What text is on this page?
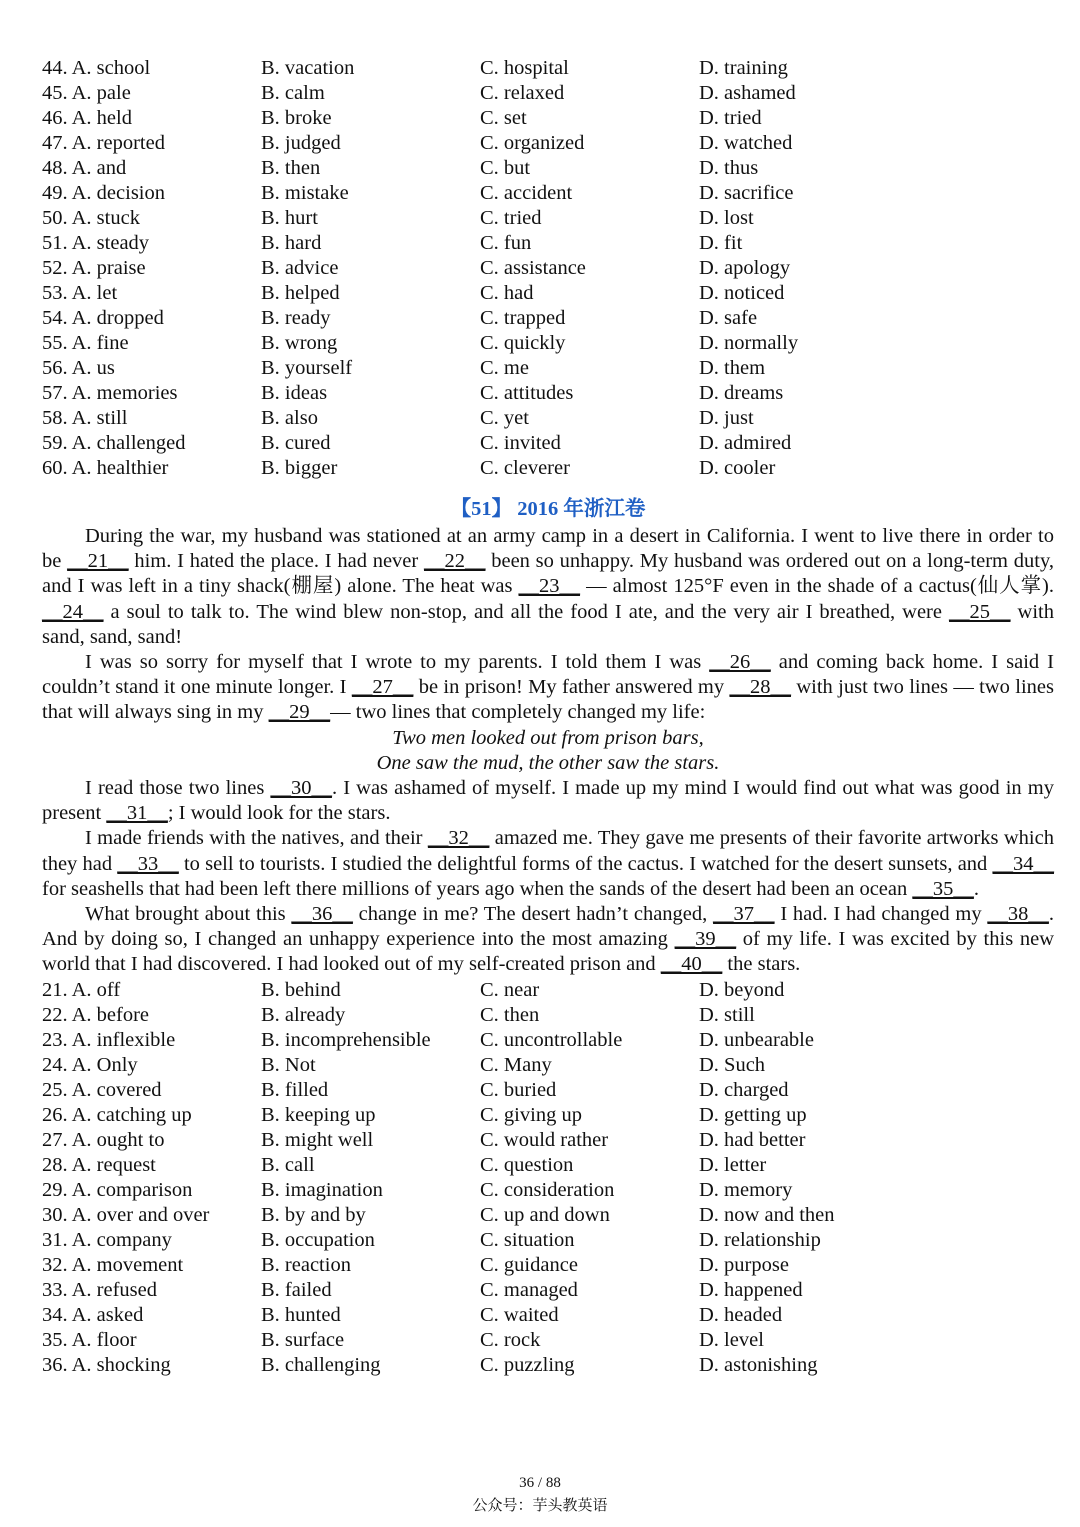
44. A. school	B. vacation	C. hospital	D. training
45. A. pale	B. calm	C. relaxed	D. ashamed
46. A. held	B. broke	C. set	D. tried
47. A. reported	B. judged	C. organized	D. watched
48. A. and	B. then	C. but	D. thus
49. A. decision	B. mistake	C. accident	D. sacrifice
50. A. stuck	B. hurt	C. tried	D. lost
51. A. steady	B. hard	C. fun	D. fit
52. A. praise	B. advice	C. assistance	D. apology
53. A. let	B. helped	C. had	D. noticed
54. A. dropped	B. ready	C. trapped	D. safe
55. A. fine	B. wrong	C. quickly	D. normally
56. A. us	B. yourself	C. me	D. them
57. A. memories	B. ideas	C. attitudes	D. dreams
58. A. still	B. also	C. yet	D. just
59. A. challenged	B. cured	C. invited	D. admired
60. A. healthier	B. bigger	C. cleverer	D. cooler
【51】 2016 年浙江卷

During the war, my husband was stationed at an army camp in a desert in California. I went to live there in order to be __21__ him. I hated the place. I had never __22__ been so unhappy. My husband was ordered out on a long-term duty, and I was left in a tiny shack(棚屋) alone. The heat was __23__ — almost 125°F even in the shade of a cactus(仙人掌). __24__ a soul to talk to. The wind blew non-stop, and all the food I ate, and the very air I breathed, were __25__ with sand, sand, sand!

I was so sorry for myself that I wrote to my parents. I told them I was __26__ and coming back home. I said I couldn’t stand it one minute longer. I __27__ be in prison! My father answered my __28__ with just two lines — two lines that will always sing in my __29__— two lines that completely changed my life:

Two men looked out from prison bars,

One saw the mud, the other saw the stars.

I read those two lines __30__. I was ashamed of myself. I made up my mind I would find out what was good in my present __31__; I would look for the stars.

I made friends with the natives, and their __32__ amazed me. They gave me presents of their favorite artworks which they had __33__ to sell to tourists. I studied the delightful forms of the cactus. I watched for the desert sunsets, and __34__ for seashells that had been left there millions of years ago when the sands of the desert had been an ocean __35__.

What brought about this __36__ change in me? The desert hadn’t changed, __37__ I had. I had changed my __38__. And by doing so, I changed an unhappy experience into the most amazing __39__ of my life. I was excited by this new world that I had discovered. I had looked out of my self-created prison and __40__ the stars.

21. A. off	B. behind	C. near	D. beyond
22. A. before	B. already	C. then	D. still
23. A. inflexible	B. incomprehensible	C. uncontrollable	D. unbearable
24. A. Only	B. Not	C. Many	D. Such
25. A. covered	B. filled	C. buried	D. charged
26. A. catching up	B. keeping up	C. giving up	D. getting up
27. A. ought to	B. might well	C. would rather	D. had better
28. A. request	B. call	C. question	D. letter
29. A. comparison	B. imagination	C. consideration	D. memory
30. A. over and over	B. by and by	C. up and down	D. now and then
31. A. company	B. occupation	C. situation	D. relationship
32. A. movement	B. reaction	C. guidance	D. purpose
33. A. refused	B. failed	C. managed	D. happened
34. A. asked	B. hunted	C. waited	D. headed
35. A. floor	B. surface	C. rock	D. level
36. A. shocking	B. challenging	C. puzzling	D. astonishing
36 / 88
公众号：芋头教英语
